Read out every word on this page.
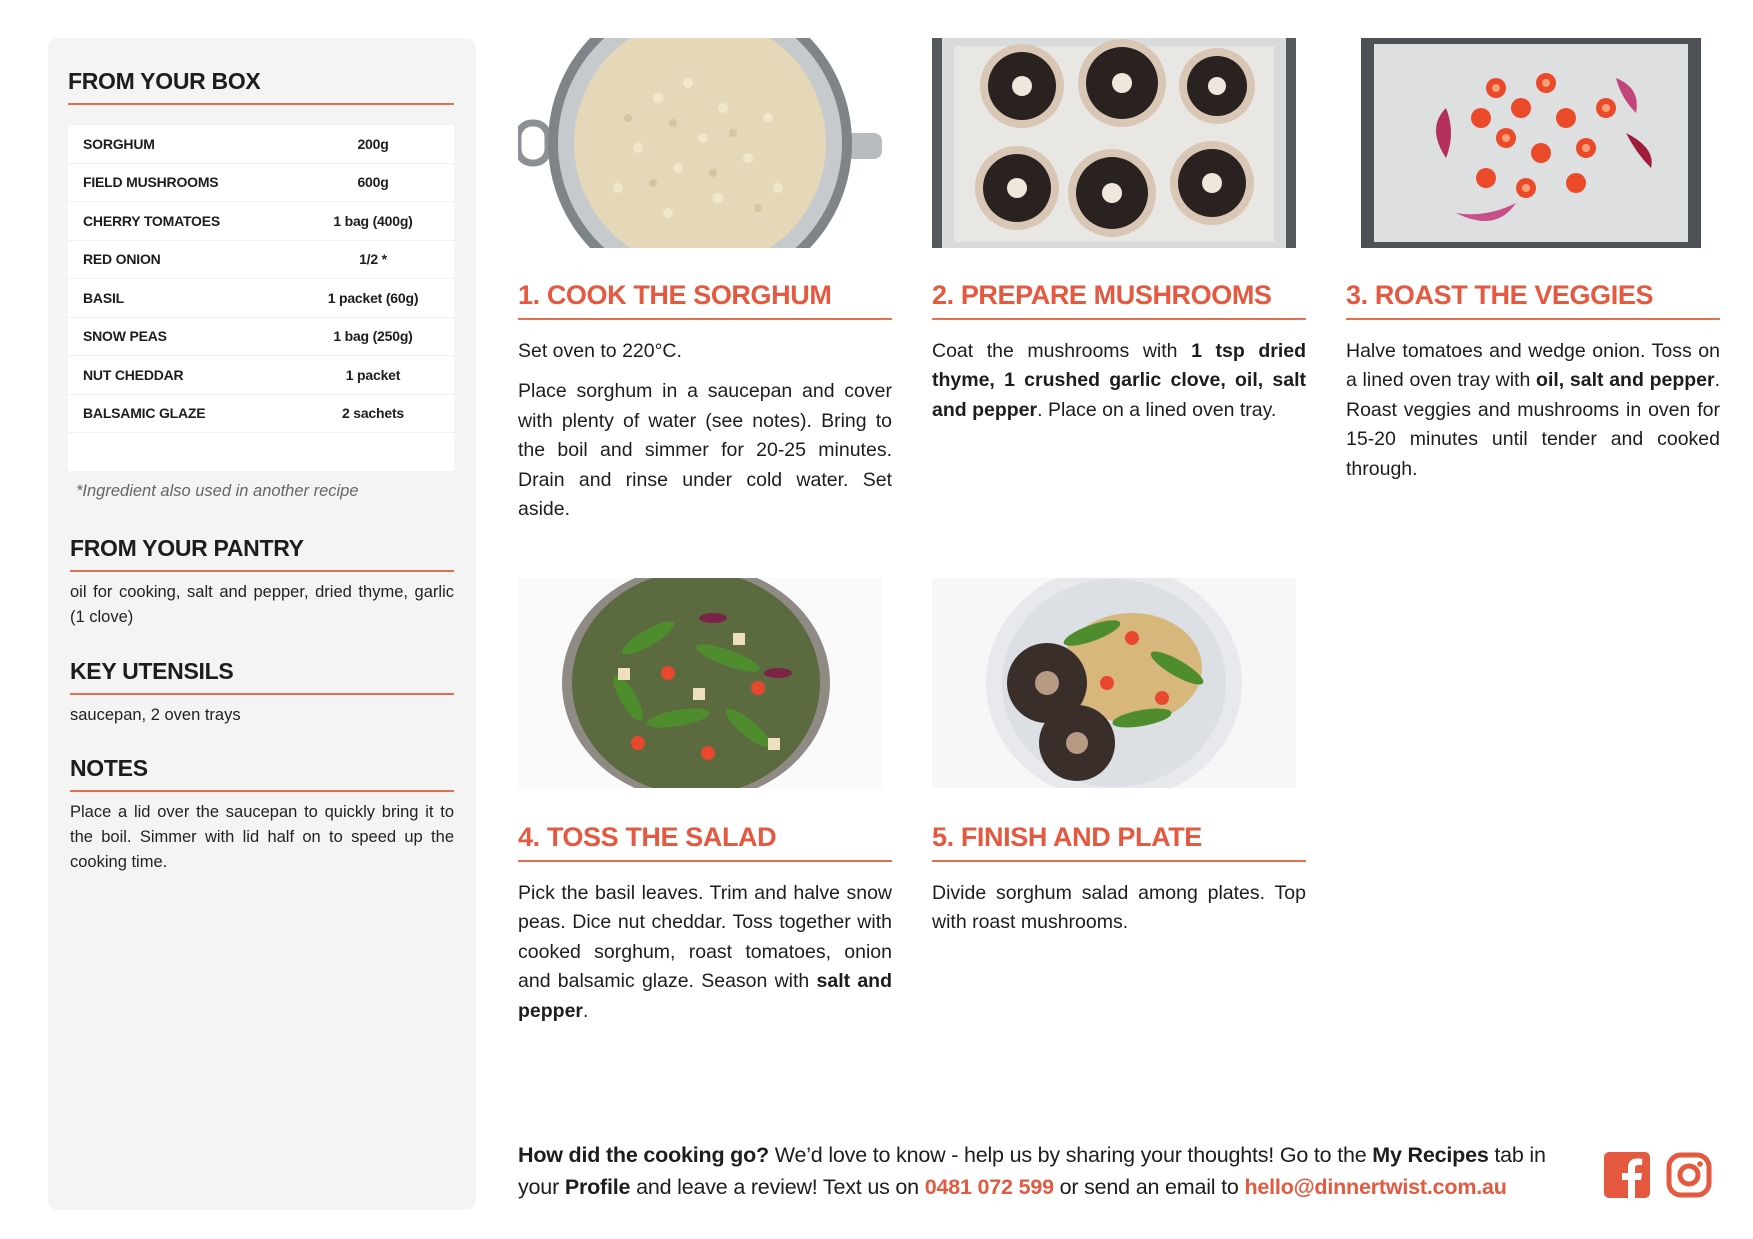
FROM YOUR BOX
SORGHUM	200g
FIELD MUSHROOMS	600g
CHERRY TOMATOES	1 bag (400g)
RED ONION	1/2 *
BASIL	1 packet (60g)
SNOW PEAS	1 bag (250g)
NUT CHEDDAR	1 packet
BALSAMIC GLAZE	2 sachets
*Ingredient also used in another recipe
FROM YOUR PANTRY
oil for cooking, salt and pepper, dried thyme, garlic (1 clove)
KEY UTENSILS
saucepan, 2 oven trays
NOTES
Place a lid over the saucepan to quickly bring it to the boil. Simmer with lid half on to speed up the cooking time.
1. COOK THE SORGHUM

Set oven to 220°C.

Place sorghum in a saucepan and cover with plenty of water (see notes). Bring to the boil and simmer for 20-25 minutes. Drain and rinse under cold water. Set aside.

2. PREPARE MUSHROOMS

Coat the mushrooms with 1 tsp dried thyme, 1 crushed garlic clove, oil, salt and pepper. Place on a lined oven tray.

3. ROAST THE VEGGIES

Halve tomatoes and wedge onion. Toss on a lined oven tray with oil, salt and pepper. Roast veggies and mushrooms in oven for 15-20 minutes until tender and cooked through.

4. TOSS THE SALAD

Pick the basil leaves. Trim and halve snow peas. Dice nut cheddar. Toss together with cooked sorghum, roast tomatoes, onion and balsamic glaze. Season with salt and pepper.

5. FINISH AND PLATE

Divide sorghum salad among plates. Top with roast mushrooms.

How did the cooking go? We’d love to know - help us by sharing your thoughts! Go to the My Recipes tab in your Profile and leave a review! Text us on 0481 072 599 or send an email to hello@dinnertwist.com.au
